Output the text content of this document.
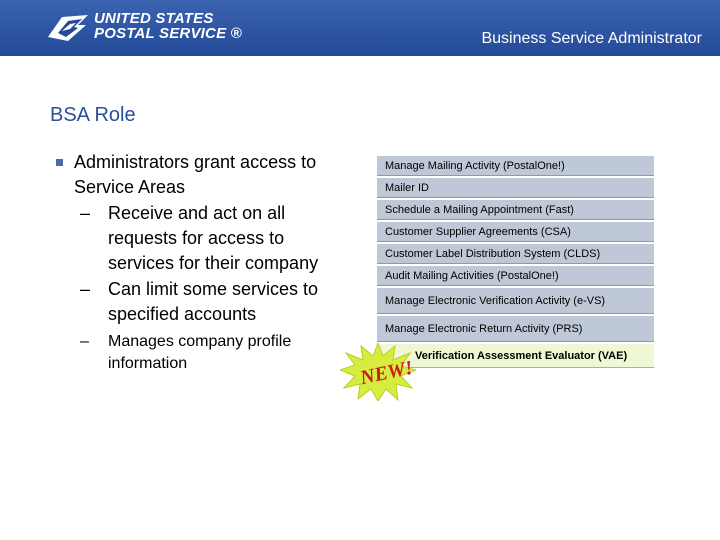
UNITED STATES
POSTAL SERVICE ®	Business Service Administrator
BSA Role
Administrators grant access to Service Areas
– Receive and act on all requests for access to services for their company
– Can limit some services to specified accounts
– Manages company profile information
Manage Mailing Activity (PostalOne!)
Mailer ID
Schedule a Mailing Appointment (Fast)
Customer Supplier Agreements (CSA)
Customer Label Distribution System (CLDS)
Audit Mailing Activities (PostalOne!)
Manage Electronic Verification Activity (e-VS)
Manage Electronic Return Activity (PRS)
Verification Assessment Evaluator (VAE)
NEW!
